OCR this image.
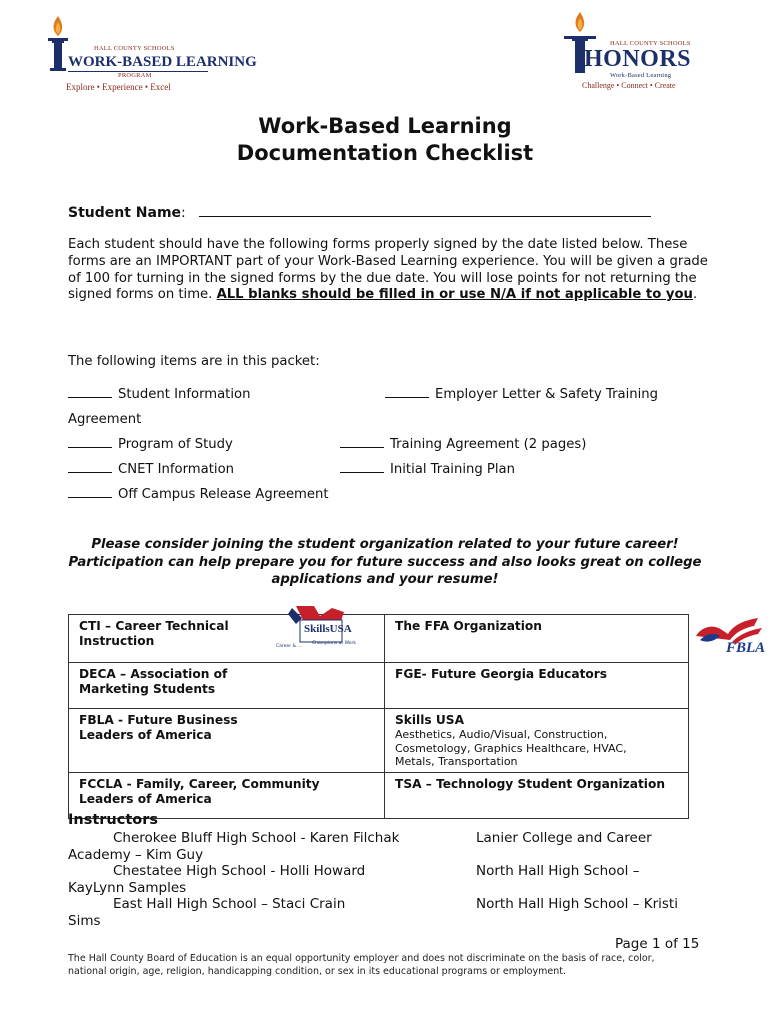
HALL COUNTY SCHOOLS
WORK-BASED LEARNING
PROGRAM
Explore • Experience • Excel
HALL COUNTY SCHOOLS
HONORS
Work-Based Learning
Challenge • Connect • Create
Work-Based Learning
Documentation Checklist
Student Name:
Each student should have the following forms properly signed by the date listed below. These forms are an IMPORTANT part of your Work-Based Learning experience. You will be given a grade of 100 for turning in the signed forms by the due date. You will lose points for not returning the signed forms on time. ALL blanks should be filled in or use N/A if not applicable to you.
The following items are in this packet:
Student Information	Employer Letter & Safety Training
Agreement
Program of Study	Training Agreement (2 pages)
CNET Information	Initial Training Plan
Off Campus Release Agreement
Please consider joining the student organization related to your future career! Participation can help prepare you for future success and also looks great on college applications and your resume!
SkillsUSA
Champions at Work
Career & ...	FBLA
CTI – Career Technical Instruction	The FFA Organization

DECA – Association of Marketing Students	FGE- Future Georgia Educators

FBLA - Future Business Leaders of America	Skills USA
Aesthetics, Audio/Visual, Construction, Cosmetology, Graphics Healthcare, HVAC, Metals, Transportation

FCCLA - Family, Career, Community  Leaders of America	TSA – Technology Student Organization
Instructors
Cherokee Bluff High School - Karen Filchak	Lanier College and Career
Academy – Kim Guy
Chestatee High School - Holli Howard	North Hall High School –
KayLynn Samples
East Hall High School – Staci Crain	North Hall High School – Kristi
Sims
Page 1 of 15
The Hall County Board of Education is an equal opportunity employer and does not discriminate on the basis of race, color, national origin, age, religion, handicapping condition, or sex in its educational programs or employment.
